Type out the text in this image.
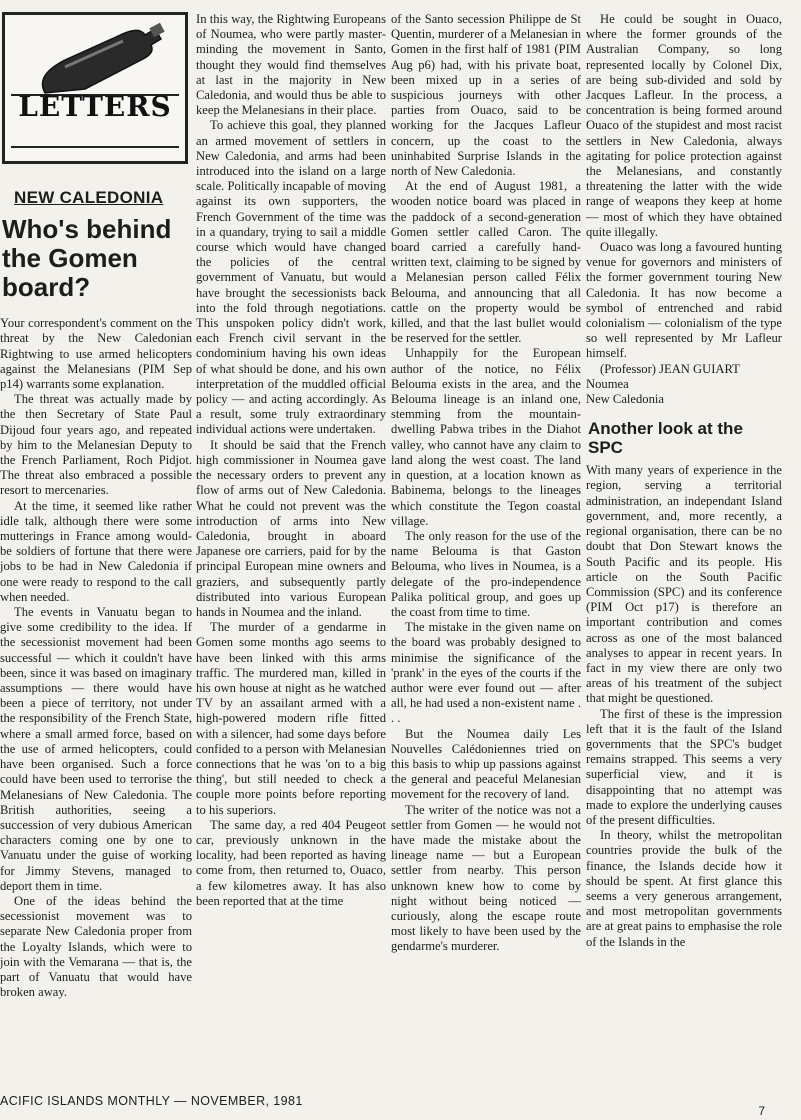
LETTERS
NEW CALEDONIA
Who's behind the Gomen board?

Your correspondent's comment on the threat by the New Caledonian Rightwing to use armed helicopters against the Melanesians (PIM Sep p14) warrants some explanation.

The threat was actually made by the then Secretary of State Paul Dijoud four years ago, and repeated by him to the Melanesian Deputy to the French Parliament, Roch Pidjot. The threat also embraced a possible resort to mercenaries.

At the time, it seemed like rather idle talk, although there were some mutterings in France among would-be soldiers of fortune that there were jobs to be had in New Caledonia if one were ready to respond to the call when needed.

The events in Vanuatu began to give some credibility to the idea. If the secessionist movement had been successful — which it couldn't have been, since it was based on imaginary assumptions — there would have been a piece of territory, not under the responsibility of the French State, where a small armed force, based on the use of armed helicopters, could have been organised. Such a force could have been used to terrorise the Melanesians of New Caledonia. The British authorities, seeing a succession of very dubious American characters coming one by one to Vanuatu under the guise of working for Jimmy Stevens, managed to deport them in time.

One of the ideas behind the secessionist movement was to separate New Caledonia proper from the Loyalty Islands, which were to join with the Vemarana — that is, the part of Vanuatu that would have broken away.

In this way, the Rightwing Europeans of Noumea, who were partly master-minding the movement in Santo, thought they would find themselves at last in the majority in New Caledonia, and would thus be able to keep the Melanesians in their place.

To achieve this goal, they planned an armed movement of settlers in New Caledonia, and arms had been introduced into the island on a large scale. Politically incapable of moving against its own supporters, the French Government of the time was in a quandary, trying to sail a middle course which would have changed the policies of the central government of Vanuatu, but would have brought the secessionists back into the fold through negotiations. This unspoken policy didn't work, each French civil servant in the condominium having his own ideas of what should be done, and his own interpretation of the muddled official policy — and acting accordingly. As a result, some truly extraordinary individual actions were undertaken.

It should be said that the French high commissioner in Noumea gave the necessary orders to prevent any flow of arms out of New Caledonia. What he could not prevent was the introduction of arms into New Caledonia, brought in aboard Japanese ore carriers, paid for by the principal European mine owners and graziers, and subsequently partly distributed into various European hands in Noumea and the inland.

The murder of a gendarme in Gomen some months ago seems to have been linked with this arms traffic. The murdered man, killed in his own house at night as he watched TV by an assailant armed with a high-powered modern rifle fitted with a silencer, had some days before confided to a person with Melanesian connections that he was 'on to a big thing', but still needed to check a couple more points before reporting to his superiors.

The same day, a red 404 Peugeot car, previously unknown in the locality, had been reported as having come from, then returned to, Ouaco, a few kilometres away. It has also been reported that at the time

of the Santo secession Philippe de St Quentin, murderer of a Melanesian in Gomen in the first half of 1981 (PIM Aug p6) had, with his private boat, been mixed up in a series of suspicious journeys with other parties from Ouaco, said to be working for the Jacques Lafleur concern, up the coast to the uninhabited Surprise Islands in the north of New Caledonia.

At the end of August 1981, a wooden notice board was placed in the paddock of a second-generation Gomen settler called Caron. The board carried a carefully hand-written text, claiming to be signed by a Melanesian person called Félix Belouma, and announcing that all cattle on the property would be killed, and that the last bullet would be reserved for the settler.

Unhappily for the European author of the notice, no Félix Belouma exists in the area, and the Belouma lineage is an inland one, stemming from the mountain-dwelling Pabwa tribes in the Diahot valley, who cannot have any claim to land along the west coast. The land in question, at a location known as Babinema, belongs to the lineages which constitute the Tegon coastal village.

The only reason for the use of the name Belouma is that Gaston Belouma, who lives in Noumea, is a delegate of the pro-independence Palika political group, and goes up the coast from time to time.

The mistake in the given name on the board was probably designed to minimise the significance of the 'prank' in the eyes of the courts if the author were ever found out — after all, he had used a non-existent name . . .

But the Noumea daily Les Nouvelles Calédoniennes tried on this basis to whip up passions against the general and peaceful Melanesian movement for the recovery of land.

The writer of the notice was not a settler from Gomen — he would not have made the mistake about the lineage name — but a European settler from nearby. This person unknown knew how to come by night without being noticed — curiously, along the escape route most likely to have been used by the gendarme's murderer.

He could be sought in Ouaco, where the former grounds of the Australian Company, so long represented locally by Colonel Dix, are being sub-divided and sold by Jacques Lafleur. In the process, a concentration is being formed around Ouaco of the stupidest and most racist settlers in New Caledonia, always agitating for police protection against the Melanesians, and constantly threatening the latter with the wide range of weapons they keep at home — most of which they have obtained quite illegally.

Ouaco was long a favoured hunting venue for governors and ministers of the former government touring New Caledonia. It has now become a symbol of entrenched and rabid colonialism — colonialism of the type so well represented by Mr Lafleur himself.

(Professor) JEAN GUIART

Noumea

New Caledonia

Another look at the SPC

With many years of experience in the region, serving a territorial administration, an independant Island government, and, more recently, a regional organisation, there can be no doubt that Don Stewart knows the South Pacific and its people. His article on the South Pacific Commission (SPC) and its conference (PIM Oct p17) is therefore an important contribution and comes across as one of the most balanced analyses to appear in recent years. In fact in my view there are only two areas of his treatment of the subject that might be questioned.

The first of these is the impression left that it is the fault of the Island governments that the SPC's budget remains strapped. This seems a very superficial view, and it is disappointing that no attempt was made to explore the underlying causes of the present difficulties.

In theory, whilst the metropolitan countries provide the bulk of the finance, the Islands decide how it should be spent. At first glance this seems a very generous arrangement, and most metropolitan governments are at great pains to emphasise the role of the Islands in the

ACIFIC ISLANDS MONTHLY — NOVEMBER, 1981
7
